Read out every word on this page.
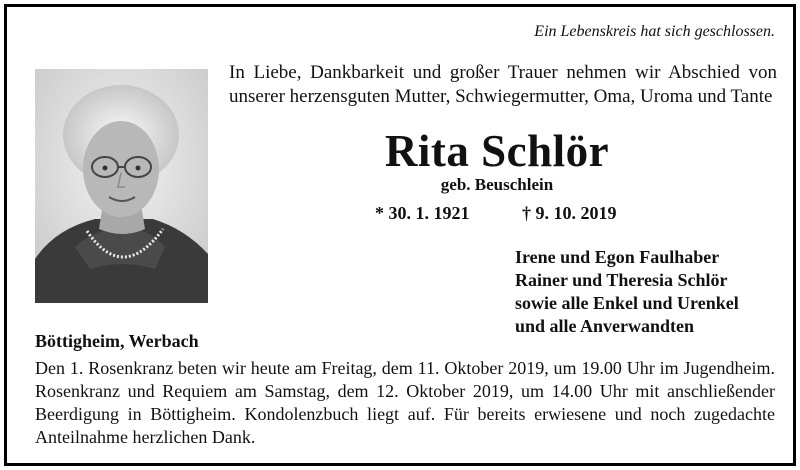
Ein Lebenskreis hat sich geschlossen.
In Liebe, Dankbarkeit und großer Trauer nehmen wir Abschied von unserer herzensguten Mutter, Schwiegermutter, Oma, Uroma und Tante
Rita Schlör
geb. Beuschlein
* 30. 1. 1921	† 9. 10. 2019
Irene und Egon Faulhaber
Rainer und Theresia Schlör
sowie alle Enkel und Urenkel
und alle Anverwandten
Böttigheim, Werbach
Den 1. Rosenkranz beten wir heute am Freitag, dem 11. Oktober 2019, um 19.00 Uhr im Jugendheim. Rosenkranz und Requiem am Samstag, dem 12. Oktober 2019, um 14.00 Uhr mit anschließender Beerdigung in Böttigheim. Kondolenzbuch liegt auf. Für bereits erwiesene und noch zugedachte Anteilnahme herzlichen Dank.
